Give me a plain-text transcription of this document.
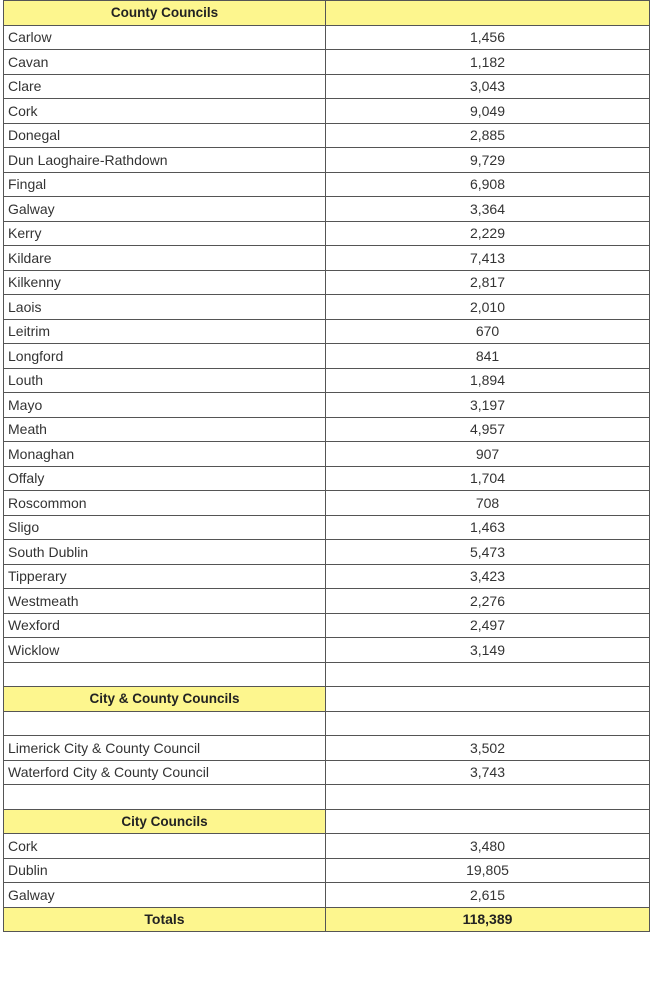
County Councils	
Carlow	1,456
Cavan	1,182
Clare	3,043
Cork	9,049
Donegal	2,885
Dun Laoghaire-Rathdown	9,729
Fingal	6,908
Galway	3,364
Kerry	2,229
Kildare	7,413
Kilkenny	2,817
Laois	2,010
Leitrim	670
Longford	841
Louth	1,894
Mayo	3,197
Meath	4,957
Monaghan	907
Offaly	1,704
Roscommon	708
Sligo	1,463
South Dublin	5,473
Tipperary	3,423
Westmeath	2,276
Wexford	2,497
Wicklow	3,149

City & County Councils	

Limerick City & County Council	3,502
Waterford City & County Council	3,743

City Councils	
Cork	3,480
Dublin	19,805
Galway	2,615
Totals	118,389
